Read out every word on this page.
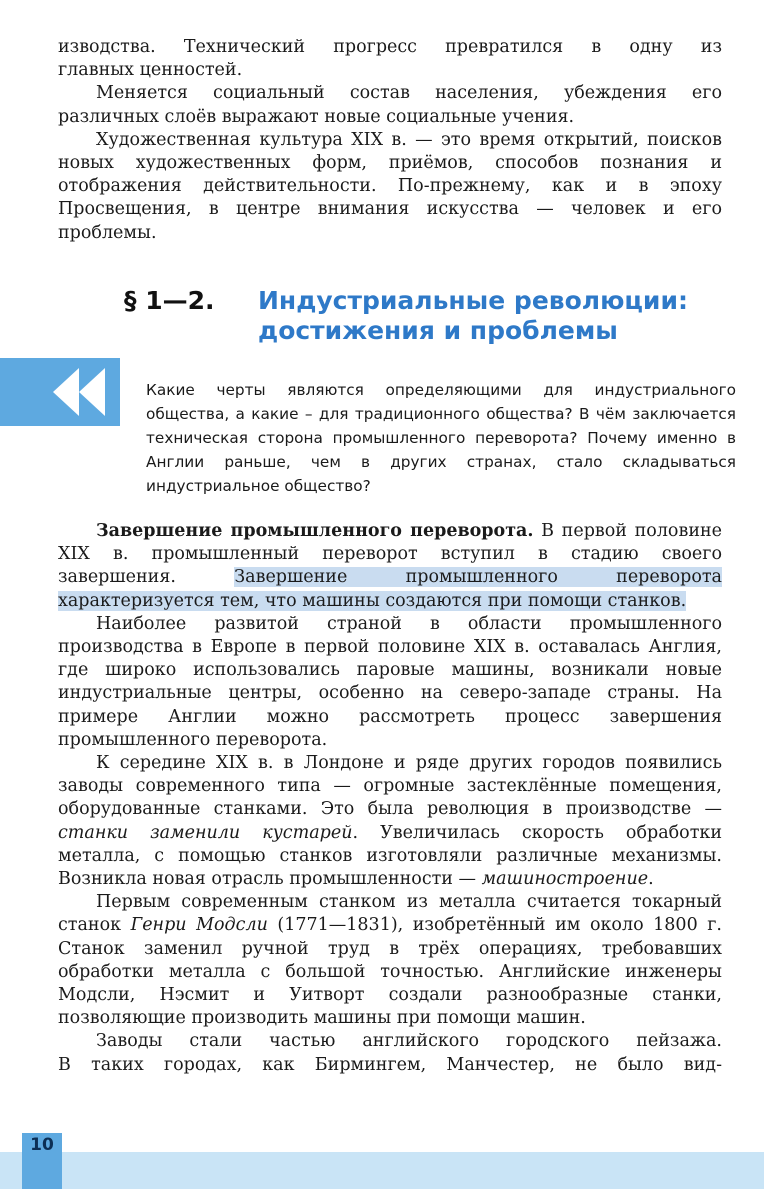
изводства. Технический прогресс превратился в одну из

главных ценностей.

Меняется социальный состав населения, убеждения его различных слоёв выражают новые социальные учения.

Художественная культура XIX в. — это время открытий, поисков новых художественных форм, приёмов, способов познания и отображения действительности. По-прежнему, как и в эпоху Просвещения, в центре внимания искусства — человек и его проблемы.

§ 1—2. Индустриальные революции:
достижения и проблемы
Какие черты являются определяющими для индустриального общества, а какие – для традиционного общества? В чём заключается техническая сторона промышленного переворота? Почему именно в Англии раньше, чем в других странах, стало складываться индустриальное общество?

Завершение промышленного переворота. В первой половине XIX в. промышленный переворот вступил в стадию своего завершения. Завершение промышленного переворота характеризуется тем, что машины создаются при помощи станков.

Наиболее развитой страной в области промышленного производства в Европе в первой половине XIX в. оставалась Англия, где широко использовались паровые машины, возникали новые индустриальные центры, особенно на северо-западе страны. На примере Англии можно рассмотреть процесс завершения промышленного переворота.

К середине XIX в. в Лондоне и ряде других городов появились заводы современного типа — огромные застеклённые помещения, оборудованные станками. Это была революция в производстве — станки заменили кустарей. Увеличилась скорость обработки металла, с помощью станков изготовляли различные механизмы. Возникла новая отрасль промышленности — машиностроение.

Первым современным станком из металла считается токарный станок Генри Модсли (1771—1831), изобретённый им около 1800 г. Станок заменил ручной труд в трёх операциях, требовавших обработки металла с большой точностью. Английские инженеры Модсли, Нэсмит и Уитворт создали разнообразные станки, позволяющие производить машины при помощи машин.

Заводы стали частью английского городского пейзажа.

В таких городах, как Бирмингем, Манчестер, не было вид-

10
